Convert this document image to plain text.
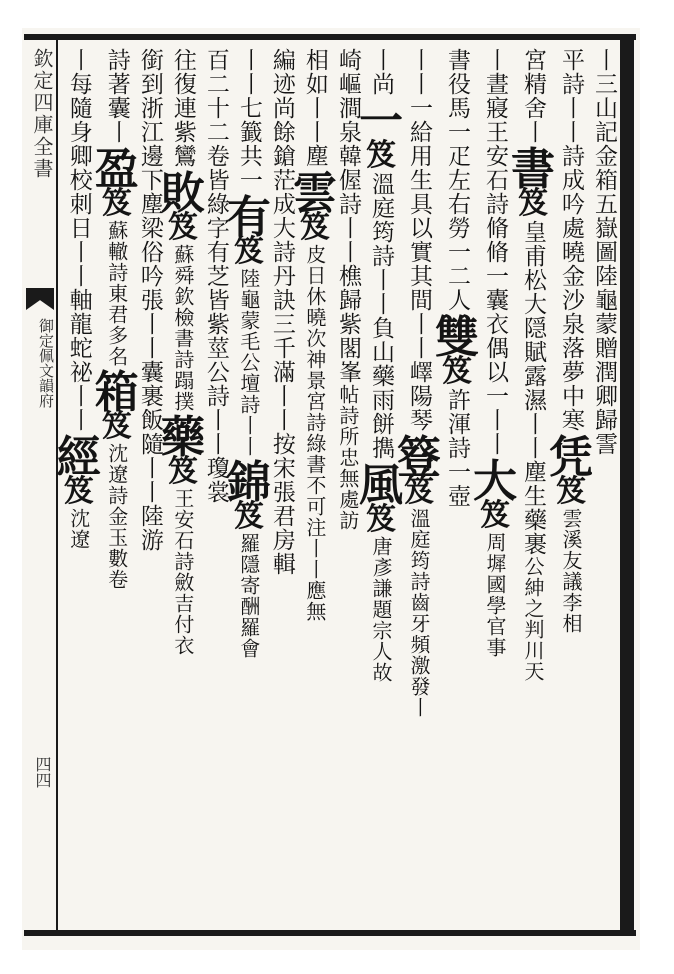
欽定四庫全書
御定佩文韻府
四四
丨三山記金箱五嶽圖陸龜蒙贈潤卿歸霅
平詩丨丨詩成吟處曉金沙泉落夢中寒
凭
笈
雲溪友議李相
宮精舍丨
書
笈
皇甫松大隠賦露濕丨丨塵生藥裹
公紳之判川天
丨晝寢
王安石詩脩脩一囊衣偶以一丨丨
大
笈
周墀國學官事
書役馬一疋左右勞一二人
雙
笈
許渾詩一壺
丨丨一給用生具以實其間
丨丨嶧陽琴
簦
笈
溫庭筠詩齒牙頻激發丨
丨尚
一
笈
溫庭筠詩丨丨負山藥雨餅擕
風
笈
唐彥謙題宗人故
崎嶇
澗泉韓偓詩丨丨樵歸紫閣峯
帖詩所忠無處訪
相如丨丨塵
雲
笈
皮日休曉次神景宮詩綠書不可注丨丨應無
編迹尚餘
鎗茫成大詩丹訣三千滿丨丨按宋張君房輯
丨丨七籖共一
有
笈
陸龜蒙毛公壇詩丨丨
錦
笈
羅隱寄酬羅會
百二十二卷
皆綠字有芝皆紫莖
公詩丨丨瓊裳
往復連紫鸞
敗
笈
蘇舜欽檢書詩蹋撲
藥
笈
王安石詩斂吉付衣
銜到浙江邊
下塵梁俗吟張丨丨
囊裹飯隨丨丨陸游
詩著囊丨
盈
笈
蘇轍詩東君多名
箱
笈
沈遼詩金玉數卷
丨每隨身
卿校刺日丨丨
軸龍蛇祕丨丨
經
笈
沈遼
